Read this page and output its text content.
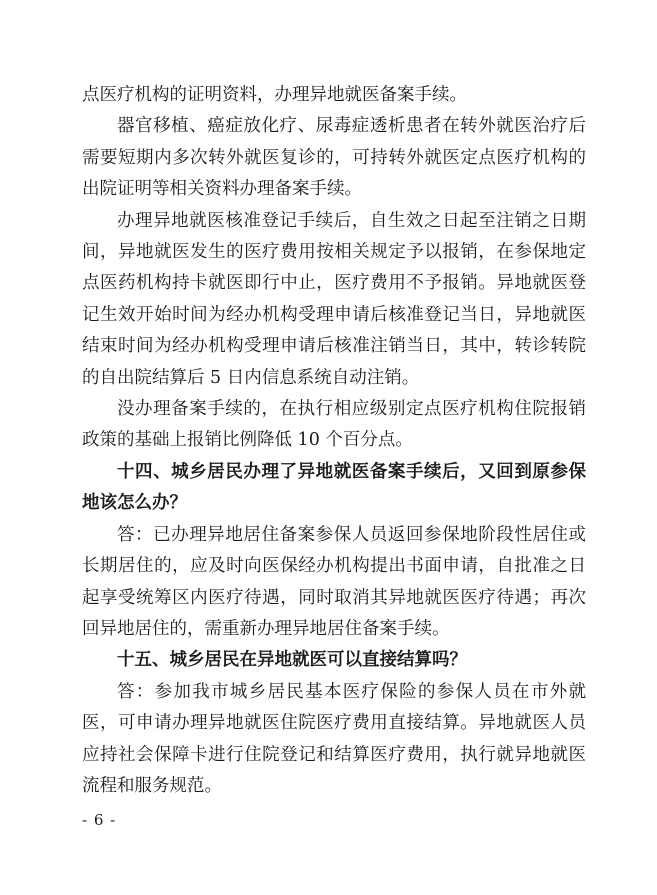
点医疗机构的证明资料，办理异地就医备案手续。

器官移植、癌症放化疗、尿毒症透析患者在转外就医治疗后需要短期内多次转外就医复诊的，可持转外就医定点医疗机构的出院证明等相关资料办理备案手续。

办理异地就医核准登记手续后，自生效之日起至注销之日期间，异地就医发生的医疗费用按相关规定予以报销，在参保地定点医药机构持卡就医即行中止，医疗费用不予报销。异地就医登记生效开始时间为经办机构受理申请后核准登记当日，异地就医结束时间为经办机构受理申请后核准注销当日，其中，转诊转院的自出院结算后 5 日内信息系统自动注销。

没办理备案手续的，在执行相应级别定点医疗机构住院报销政策的基础上报销比例降低 10 个百分点。

十四、城乡居民办理了异地就医备案手续后，又回到原参保地该怎么办？

答：已办理异地居住备案参保人员返回参保地阶段性居住或长期居住的，应及时向医保经办机构提出书面申请，自批准之日起享受统筹区内医疗待遇，同时取消其异地就医医疗待遇；再次回异地居住的，需重新办理异地居住备案手续。

十五、城乡居民在异地就医可以直接结算吗？

答：参加我市城乡居民基本医疗保险的参保人员在市外就医，可申请办理异地就医住院医疗费用直接结算。异地就医人员应持社会保障卡进行住院登记和结算医疗费用，执行就异地就医流程和服务规范。

- 6 -
